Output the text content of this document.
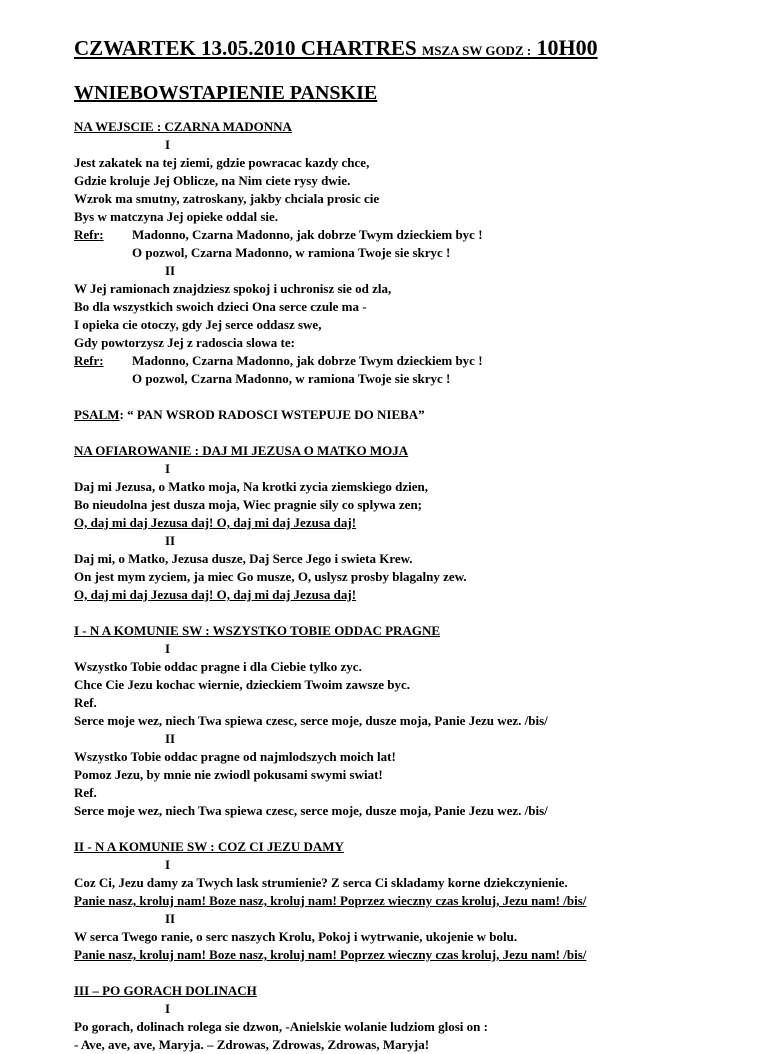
CZWARTEK 13.05.2010 CHARTRES MSZA SW GODZ : 10H00
WNIEBOWSTAPIENIE PANSKIE
NA WEJSCIE : CZARNA MADONNA
I
Jest zakatek na tej ziemi, gdzie powracac kazdy chce,
Gdzie kroluje Jej Oblicze, na Nim ciete rysy dwie.
Wzrok ma smutny, zatroskany, jakby chciala prosic cie
Bys w matczyna Jej opieke oddal sie.
Refr: Madonno, Czarna Madonno, jak dobrze Twym dzieckiem byc !
O pozwol, Czarna Madonno, w ramiona Twoje sie skryc !
II
W Jej ramionach znajdziesz spokoj i uchronisz sie od zla,
Bo dla wszystkich swoich dzieci Ona serce czule ma -
I opieka cie otoczy, gdy Jej serce oddasz swe,
Gdy powtorzysz Jej z radoscia slowa te:
Refr: Madonno, Czarna Madonno, jak dobrze Twym dzieckiem byc !
O pozwol, Czarna Madonno, w ramiona Twoje sie skryc !
PSALM: “ PAN WSROD RADOSCI WSTEPUJE DO NIEBA”
NA OFIAROWANIE : DAJ MI JEZUSA O MATKO MOJA
I
Daj mi Jezusa, o Matko moja, Na krotki zycia ziemskiego dzien,
Bo nieudolna jest dusza moja, Wiec pragnie sily co splywa zen;
O, daj mi daj Jezusa daj! O, daj mi daj Jezusa daj!
II
Daj mi, o Matko, Jezusa dusze, Daj Serce Jego i swieta Krew.
On jest mym zyciem, ja miec Go musze, O, uslysz prosby blagalny zew.
O, daj mi daj Jezusa daj! O, daj mi daj Jezusa daj!
I - N A KOMUNIE SW : WSZYSTKO TOBIE ODDAC PRAGNE
I
Wszystko Tobie oddac pragne i dla Ciebie tylko zyc.
Chce Cie Jezu kochac wiernie, dzieckiem Twoim zawsze byc.
Ref.
Serce moje wez, niech Twa spiewa czesc, serce moje, dusze moja, Panie Jezu wez. /bis/
II
Wszystko Tobie oddac pragne od najmlodszych moich lat!
Pomoz Jezu, by mnie nie zwiodl pokusami swymi swiat!
Ref.
Serce moje wez, niech Twa spiewa czesc, serce moje, dusze moja, Panie Jezu wez. /bis/
II - N A KOMUNIE SW : COZ CI JEZU DAMY
I
Coz Ci, Jezu damy za Twych lask strumienie? Z serca Ci skladamy korne dziekczynienie.
Panie nasz, kroluj nam! Boze nasz, kroluj nam! Poprzez wieczny czas kroluj, Jezu nam! /bis/
II
W serca Twego ranie, o serc naszych Krolu, Pokoj i wytrwanie, ukojenie w bolu.
Panie nasz, kroluj nam! Boze nasz, kroluj nam! Poprzez wieczny czas kroluj, Jezu nam! /bis/
III – PO GORACH DOLINACH
I
Po gorach, dolinach rolega sie dzwon, -Anielskie wolanie ludziom glosi on :
- Ave, ave, ave, Maryja. – Zdrowas, Zdrowas, Zdrowas, Maryja!
